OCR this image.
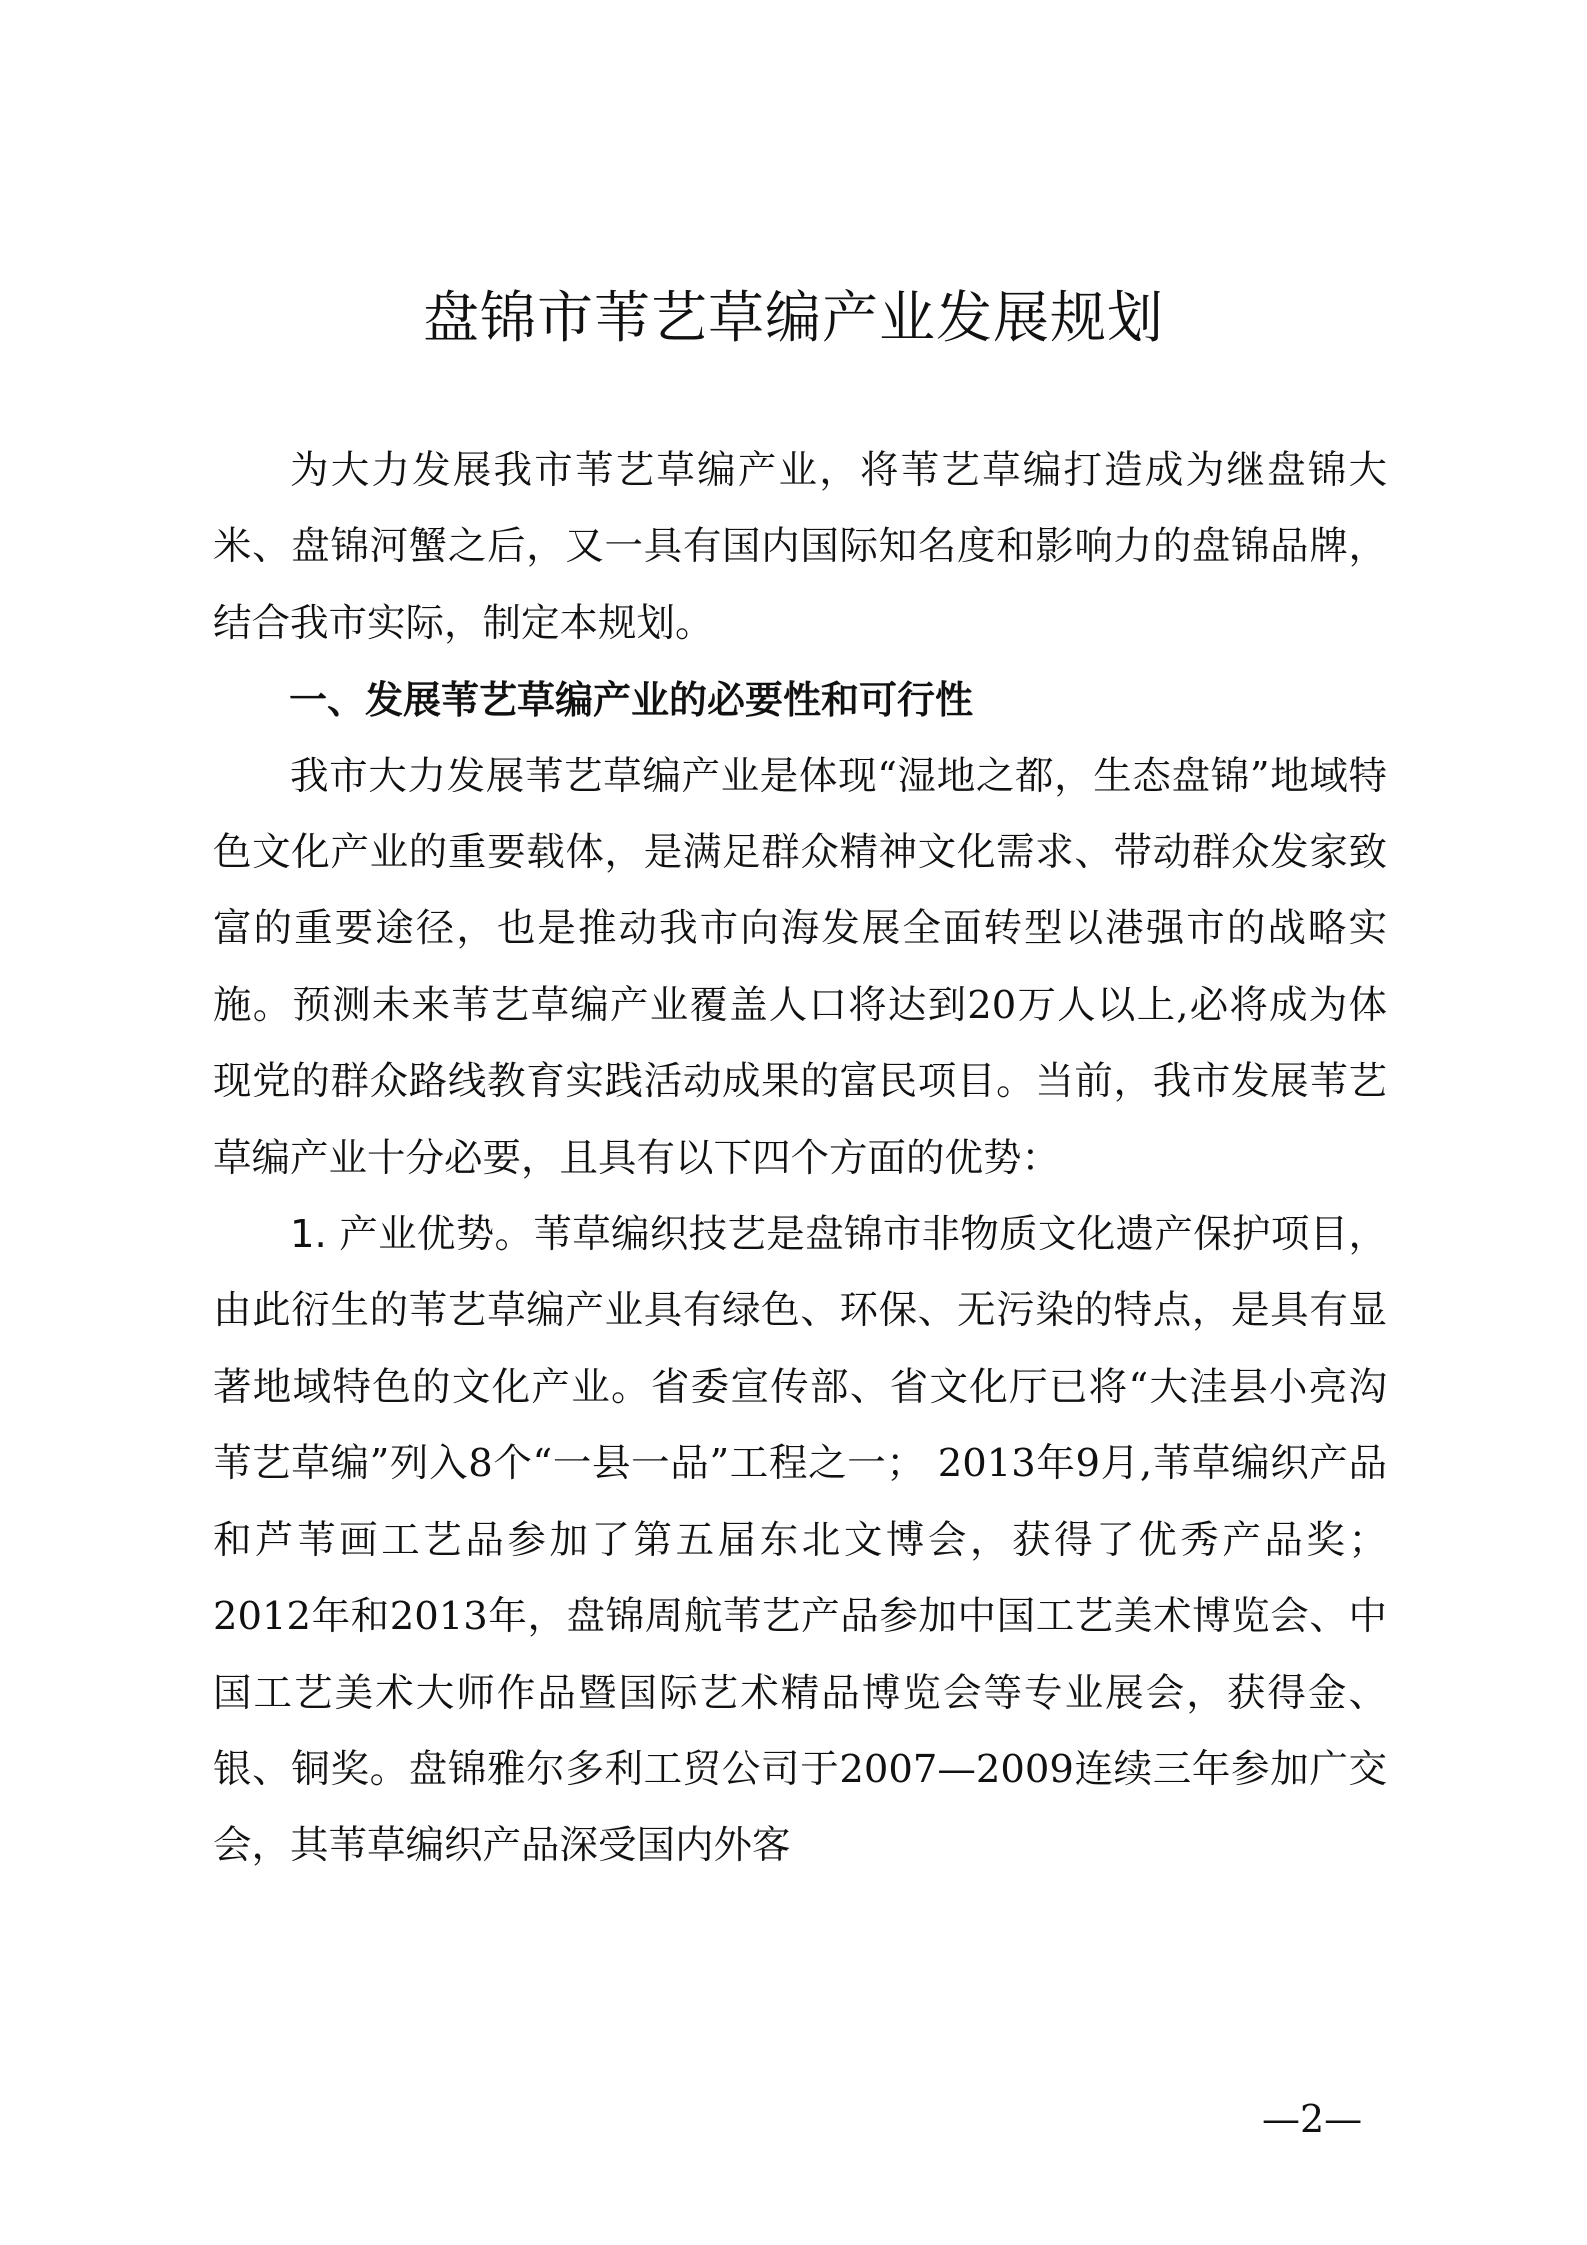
盘锦市苇艺草编产业发展规划

为大力发展我市苇艺草编产业，将苇艺草编打造成为继盘锦大米、盘锦河蟹之后，又一具有国内国际知名度和影响力的盘锦品牌，结合我市实际，制定本规划。

一、发展苇艺草编产业的必要性和可行性

我市大力发展苇艺草编产业是体现“湿地之都，生态盘锦”地域特色文化产业的重要载体，是满足群众精神文化需求、带动群众发家致富的重要途径，也是推动我市向海发展全面转型以港强市的战略实施。预测未来苇艺草编产业覆盖人口将达到20万人以上,必将成为体现党的群众路线教育实践活动成果的富民项目。当前，我市发展苇艺草编产业十分必要，且具有以下四个方面的优势：

1. 产业优势。苇草编织技艺是盘锦市非物质文化遗产保护项目，由此衍生的苇艺草编产业具有绿色、环保、无污染的特点，是具有显著地域特色的文化产业。省委宣传部、省文化厅已将“大洼县小亮沟苇艺草编”列入8个“一县一品”工程之一； 2013年9月,苇草编织产品和芦苇画工艺品参加了第五届东北文博会，获得了优秀产品奖；2012年和2013年，盘锦周航苇艺产品参加中国工艺美术博览会、中国工艺美术大师作品暨国际艺术精品博览会等专业展会，获得金、银、铜奖。盘锦雅尔多利工贸公司于2007—2009连续三年参加广交会，其苇草编织产品深受国内外客

—2—
